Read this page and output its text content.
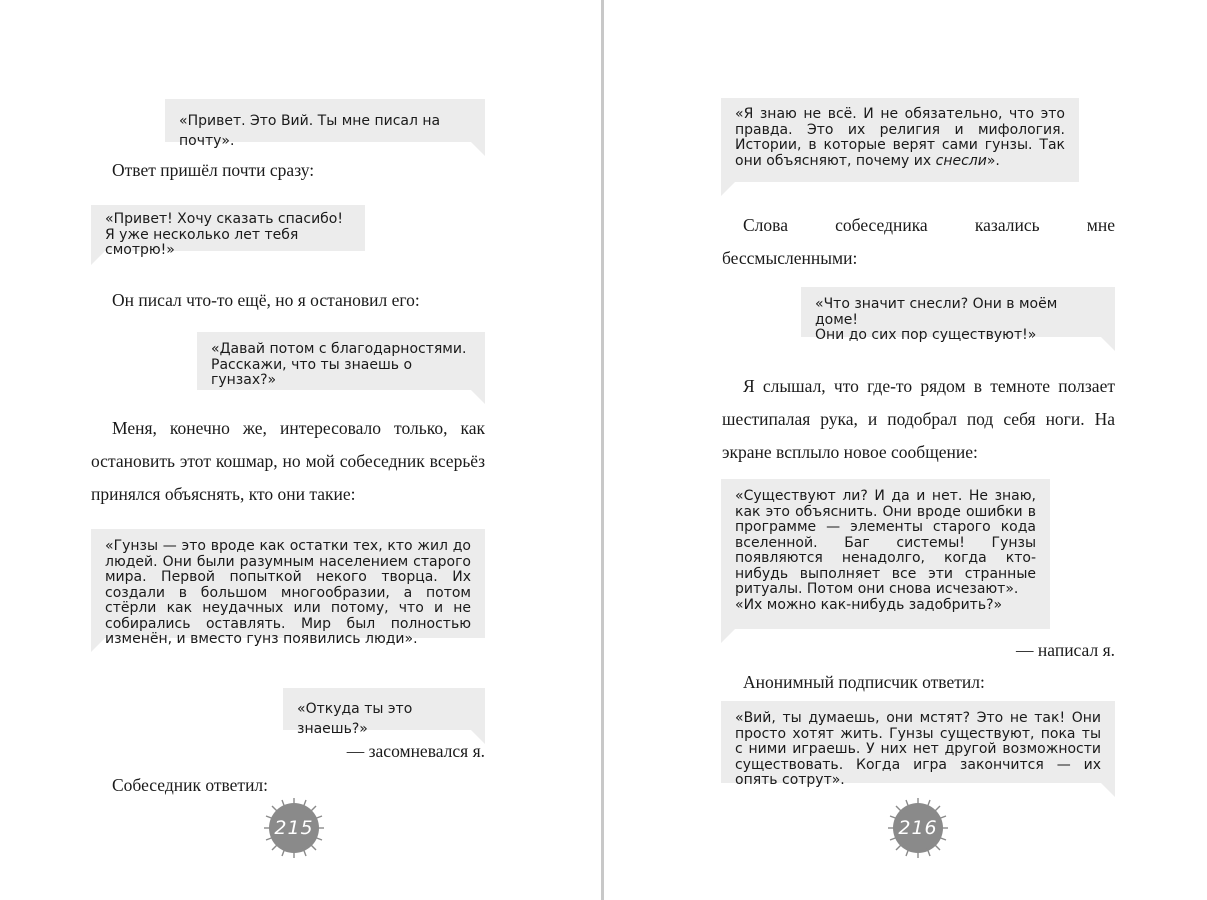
«Привет. Это Вий. Ты мне писал на почту».

Ответ пришёл почти сразу:

«Привет! Хочу сказать спасибо!

Я уже несколько лет тебя смотрю!»

Он писал что-то ещё, но я остановил его:

«Давай потом с благодарностями.

Расскажи, что ты знаешь о гунзах?»

Меня, конечно же, интересовало только, как остановить этот кошмар, но мой собеседник всерьёз принялся объяснять, кто они такие:

«Гунзы — это вроде как остатки тех, кто жил до людей. Они были разумным населением старого мира. Первой попыткой некого творца. Их создали в большом многообразии, а потом стёрли как неудачных или потому, что и не собирались оставлять. Мир был полностью изменён, и вместо гунз появились люди».

«Откуда ты это знаешь?»

— засомневался я.

Собеседник ответил:

215

«Я знаю не всё. И не обязательно, что это правда. Это их религия и мифология. Истории, в которые верят сами гунзы. Так они объясняют, почему их снесли».

Слова собеседника казались мне бессмысленными:

«Что значит снесли? Они в моём доме!

Они до сих пор существуют!»

Я слышал, что где-то рядом в темноте ползает шестипалая рука, и подобрал под себя ноги. На экране всплыло новое сообщение:

«Существуют ли? И да и нет. Не знаю, как это объяснить. Они вроде ошибки в программе — элементы старого кода вселенной. Баг системы! Гунзы появляются ненадолго, когда кто-нибудь выполняет все эти странные ритуалы. Потом они снова исчезают».

«Их можно как-нибудь задобрить?»

— написал я.

Анонимный подписчик ответил:

«Вий, ты думаешь, они мстят? Это не так! Они просто хотят жить. Гунзы существуют, пока ты с ними играешь. У них нет другой возможности существовать. Когда игра закончится — их опять сотрут».

216
